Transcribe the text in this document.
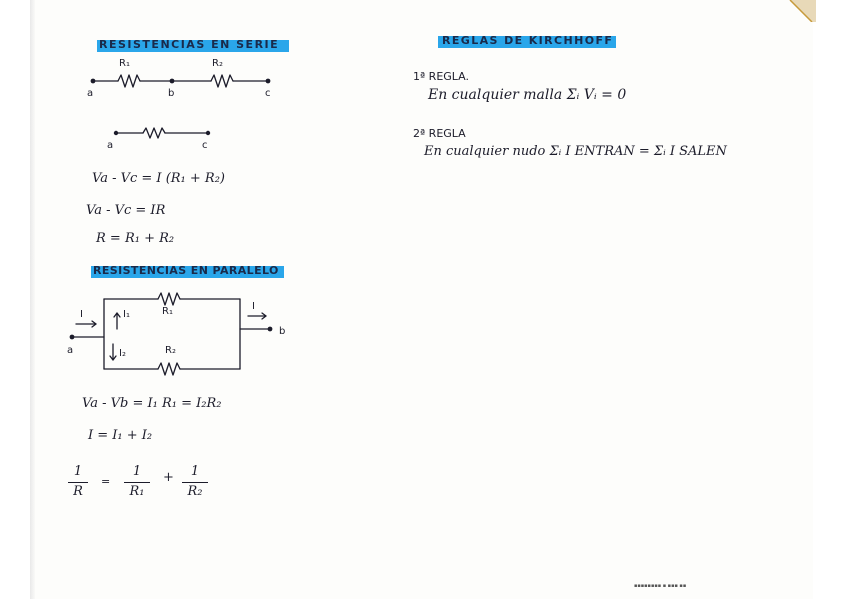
RESISTENCIAS EN SERIE
R₁	R₂
a	b	c
a	c
Va - Vc = I (R₁ + R₂)
Va - Vc = IR
R = R₁ + R₂
RESISTENCIAS EN PARALELO
I
I
I₁
I₂
R₁
R₂
a
b
Va - Vb = I₁ R₁ = I₂R₂
I = I₁ + I₂
1
R
=
1
R₁
+	1
R₂
REGLAS DE KIRCHHOFF
1ª REGLA.
En cualquier malla Σᵢ Vᵢ = 0
2ª REGLA
En cualquier nudo Σᵢ I ENTRAN = Σᵢ I SALEN
▪▪▪▪▪▪▪▪ ▪ ▪▪▪ ▪▪
